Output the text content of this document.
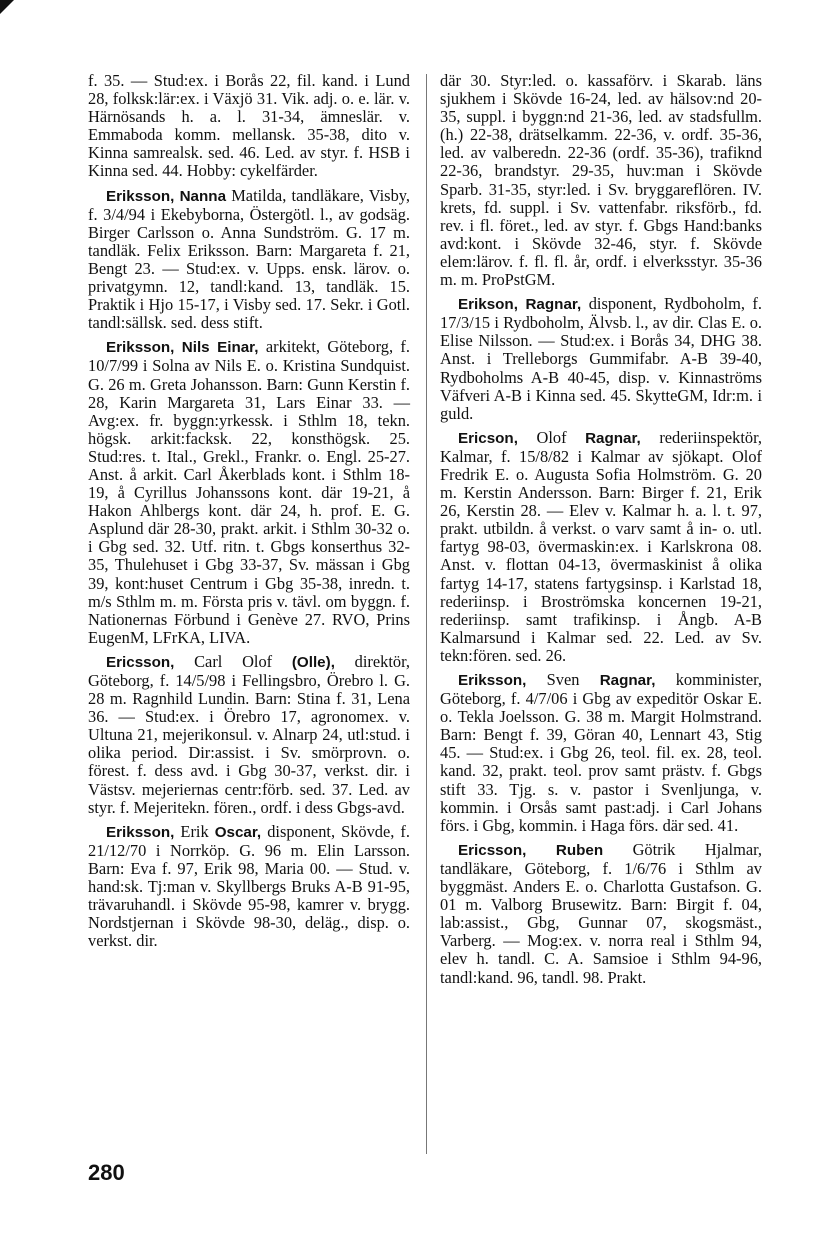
f. 35. — Stud:ex. i Borås 22, fil. kand. i Lund 28, folksk:lär:ex. i Växjö 31. Vik. adj. o. e. lär. v. Härnösands h. a. l. 31-34, ämneslär. v. Emmaboda komm. mellansk. 35-38, dito v. Kinna samrealsk. sed. 46. Led. av styr. f. HSB i Kinna sed. 44. Hobby: cykelfärder.

Eriksson, Nanna Matilda, tandläkare, Visby, f. 3/4/94 i Ekebyborna, Östergötl. l., av godsäg. Birger Carlsson o. Anna Sundström. G. 17 m. tandläk. Felix Eriksson. Barn: Margareta f. 21, Bengt 23. — Stud:ex. v. Upps. ensk. lärov. o. privatgymn. 12, tandl:kand. 13, tandläk. 15. Praktik i Hjo 15-17, i Visby sed. 17. Sekr. i Gotl. tandl:sällsk. sed. dess stift.

Eriksson, Nils Einar, arkitekt, Göteborg, f. 10/7/99 i Solna av Nils E. o. Kristina Sundquist. G. 26 m. Greta Johansson. Barn: Gunn Kerstin f. 28, Karin Margareta 31, Lars Einar 33. — Avg:ex. fr. byggn:yrkessk. i Sthlm 18, tekn. högsk. arkit:facksk. 22, konsthögsk. 25. Stud:res. t. Ital., Grekl., Frankr. o. Engl. 25-27. Anst. å arkit. Carl Åkerblads kont. i Sthlm 18-19, å Cyrillus Johanssons kont. där 19-21, å Hakon Ahlbergs kont. där 24, h. prof. E. G. Asplund där 28-30, prakt. arkit. i Sthlm 30-32 o. i Gbg sed. 32. Utf. ritn. t. Gbgs konserthus 32-35, Thulehuset i Gbg 33-37, Sv. mässan i Gbg 39, kont:huset Centrum i Gbg 35-38, inredn. t. m/s Sthlm m. m. Första pris v. tävl. om byggn. f. Nationernas Förbund i Genève 27. RVO, Prins EugenM, LFrKA, LIVA.

Ericsson, Carl Olof (Olle), direktör, Göteborg, f. 14/5/98 i Fellingsbro, Örebro l. G. 28 m. Ragnhild Lundin. Barn: Stina f. 31, Lena 36. — Stud:ex. i Örebro 17, agronomex. v. Ultuna 21, mejerikonsul. v. Alnarp 24, utl:stud. i olika period. Dir:assist. i Sv. smörprovn. o. förest. f. dess avd. i Gbg 30-37, verkst. dir. i Västsv. mejeriernas centr:förb. sed. 37. Led. av styr. f. Mejeritekn. fören., ordf. i dess Gbgs-avd.

Eriksson, Erik Oscar, disponent, Skövde, f. 21/12/70 i Norrköp. G. 96 m. Elin Larsson. Barn: Eva f. 97, Erik 98, Maria 00. — Stud. v. hand:sk. Tj:man v. Skyllbergs Bruks A-B 91-95, trävaruhandl. i Skövde 95-98, kamrer v. brygg. Nordstjernan i Skövde 98-30, deläg., disp. o. verkst. dir.

där 30. Styr:led. o. kassaförv. i Skarab. läns sjukhem i Skövde 16-24, led. av hälsov:nd 20-35, suppl. i byggn:nd 21-36, led. av stadsfullm. (h.) 22-38, drätselkamm. 22-36, v. ordf. 35-36, led. av valberedn. 22-36 (ordf. 35-36), trafiknd 22-36, brandstyr. 29-35, huv:man i Skövde Sparb. 31-35, styr:led. i Sv. bryggareflören. IV. krets, fd. suppl. i Sv. vattenfabr. riksförb., fd. rev. i fl. föret., led. av styr. f. Gbgs Hand:banks avd:kont. i Skövde 32-46, styr. f. Skövde elem:lärov. f. fl. fl. år, ordf. i elverksstyr. 35-36 m. m. ProPstGM.

Erikson, Ragnar, disponent, Rydboholm, f. 17/3/15 i Rydboholm, Älvsb. l., av dir. Clas E. o. Elise Nilsson. — Stud:ex. i Borås 34, DHG 38. Anst. i Trelleborgs Gummifabr. A-B 39-40, Rydboholms A-B 40-45, disp. v. Kinnaströms Väfveri A-B i Kinna sed. 45. SkytteGM, Idr:m. i guld.

Ericson, Olof Ragnar, rederiinspektör, Kalmar, f. 15/8/82 i Kalmar av sjökapt. Olof Fredrik E. o. Augusta Sofia Holmström. G. 20 m. Kerstin Andersson. Barn: Birger f. 21, Erik 26, Kerstin 28. — Elev v. Kalmar h. a. l. t. 97, prakt. utbildn. å verkst. o varv samt å in- o. utl. fartyg 98-03, övermaskin:ex. i Karlskrona 08. Anst. v. flottan 04-13, övermaskinist å olika fartyg 14-17, statens fartygsinsp. i Karlstad 18, rederiinsp. i Broströmska koncernen 19-21, rederiinsp. samt trafikinsp. i Ångb. A-B Kalmarsund i Kalmar sed. 22. Led. av Sv. tekn:fören. sed. 26.

Eriksson, Sven Ragnar, komminister, Göteborg, f. 4/7/06 i Gbg av expeditör Oskar E. o. Tekla Joelsson. G. 38 m. Margit Holmstrand. Barn: Bengt f. 39, Göran 40, Lennart 43, Stig 45. — Stud:ex. i Gbg 26, teol. fil. ex. 28, teol. kand. 32, prakt. teol. prov samt prästv. f. Gbgs stift 33. Tjg. s. v. pastor i Svenljunga, v. kommin. i Orsås samt past:adj. i Carl Johans förs. i Gbg, kommin. i Haga förs. där sed. 41.

Ericsson, Ruben Götrik Hjalmar, tandläkare, Göteborg, f. 1/6/76 i Sthlm av byggmäst. Anders E. o. Charlotta Gustafson. G. 01 m. Valborg Brusewitz. Barn: Birgit f. 04, lab:assist., Gbg, Gunnar 07, skogsmäst., Varberg. — Mog:ex. v. norra real i Sthlm 94, elev h. tandl. C. A. Samsioe i Sthlm 94-96, tandl:kand. 96, tandl. 98. Prakt.

280
